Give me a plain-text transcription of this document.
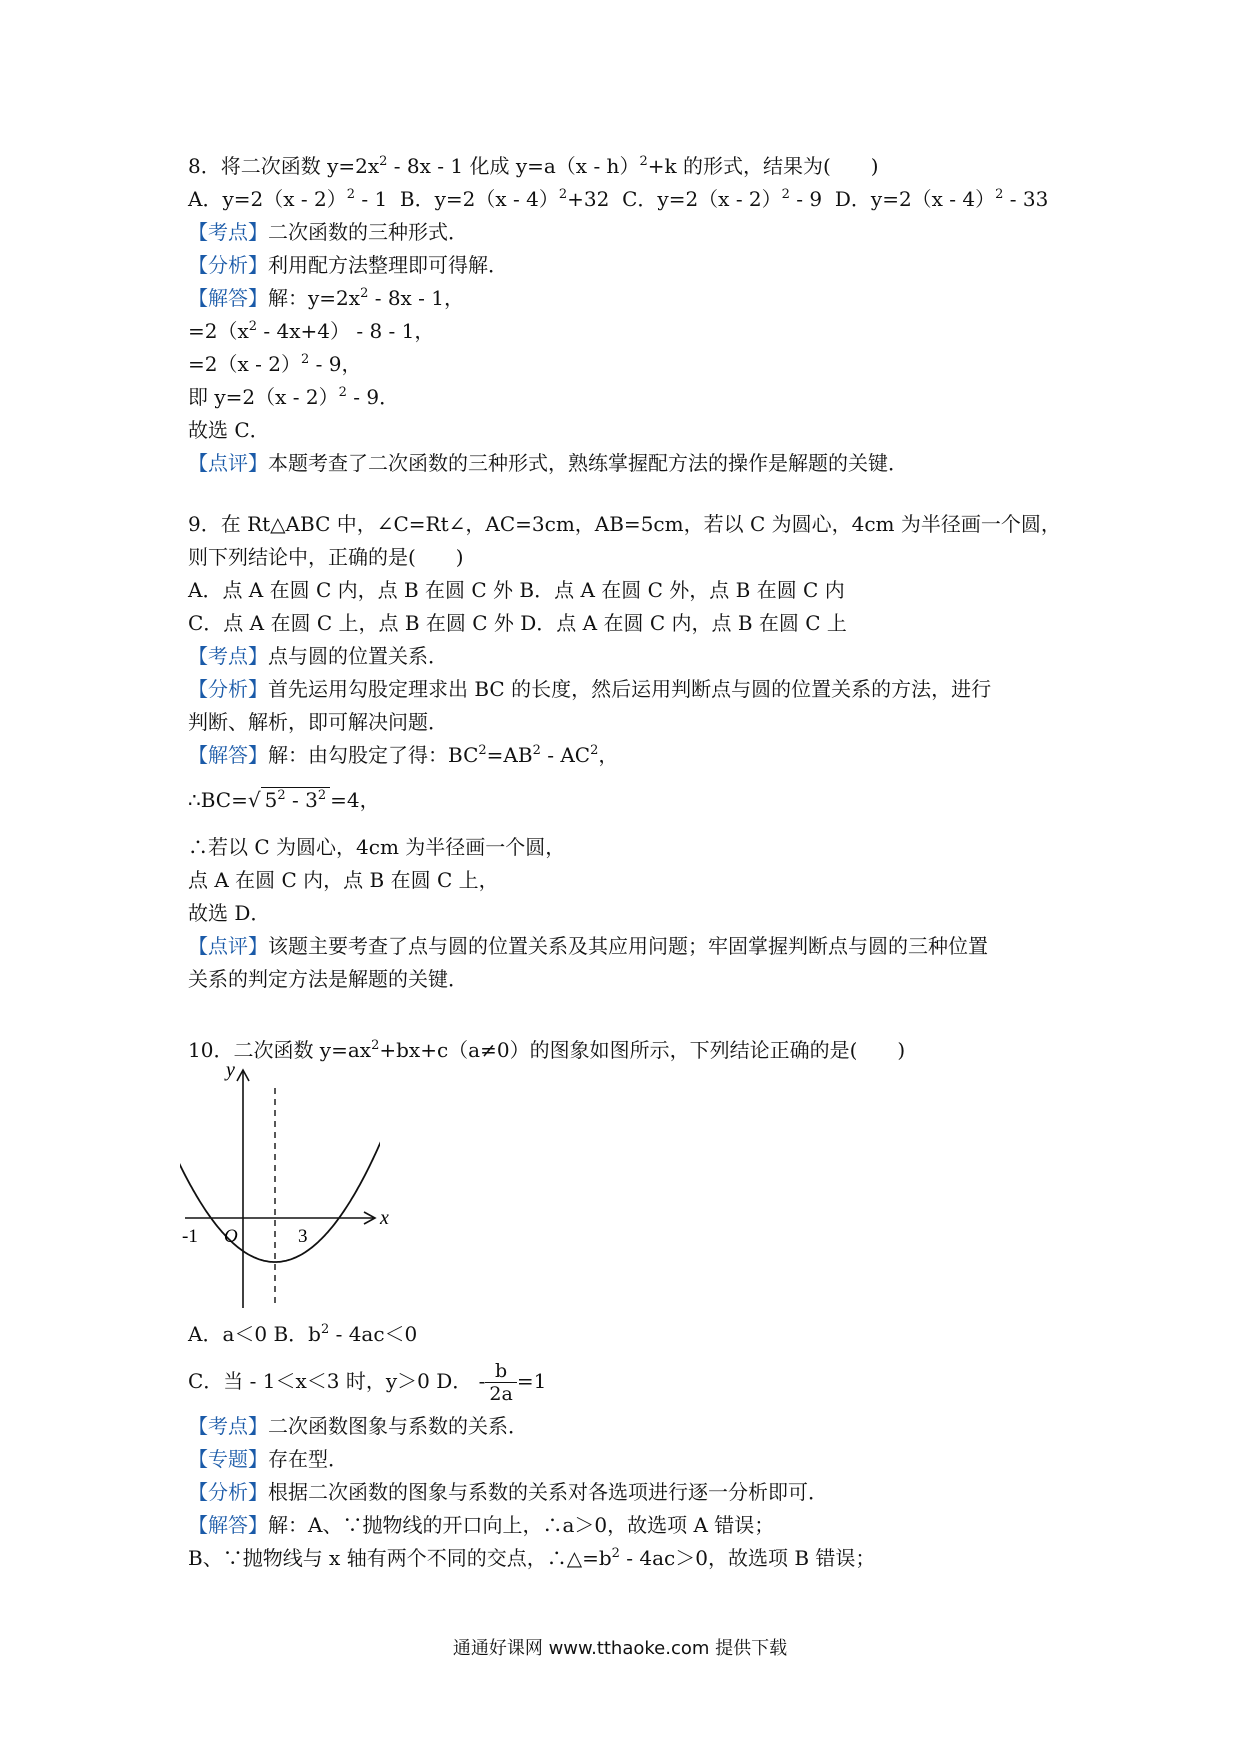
8．将二次函数 $y=2x^2 - 8x - 1$ 化成 y=a（x - h）$^2$+k 的形式，结果为(　　)
A．y=2（x - 2）$^2$ - 1 B．y=2（x - 4）$^2$+32 C．y=2（x - 2）$^2$ - 9 D．y=2（x - 4）$^2$ - 33
【考点】二次函数的三种形式．
【分析】利用配方法整理即可得解．
【解答】解：$y=2x^2 - 8x - 1$，
$=2(x^2 - 4x+4) - 8 - 1$，
=2（x - 2）$^2$ - 9，
即 y=2（x - 2）$^2$ - 9．
故选 C．
【点评】本题考查了二次函数的三种形式，熟练掌握配方法的操作是解题的关键．
9．在 Rt△ABC 中，∠C=Rt∠，AC=3cm，AB=5cm，若以 C 为圆心，4cm 为半径画一个圆，
则下列结论中，正确的是(　　)
A．点 A 在圆 C 内，点 B 在圆 C 外 B．点 A 在圆 C 外，点 B 在圆 C 内
C．点 A 在圆 C 上，点 B 在圆 C 外 D．点 A 在圆 C 内，点 B 在圆 C 上
【考点】点与圆的位置关系．
【分析】首先运用勾股定理求出 BC 的长度，然后运用判断点与圆的位置关系的方法，进行
判断、解析，即可解决问题．
【解答】解：由勾股定了得：$BC^2=AB^2 - AC^2$，
∴BC=√ $5^2 - 3^2 =4$，
∴若以 C 为圆心，4cm 为半径画一个圆，
点 A 在圆 C 内，点 B 在圆 C 上，
故选 D．
【点评】该题主要考查了点与圆的位置关系及其应用问题；牢固掌握判断点与圆的三种位置
关系的判定方法是解题的关键．
10．二次函数 $y=ax^2+bx+c(a\ne 0)$的图象如图所示，下列结论正确的是(　　)
y
x
O
-1	3
A．a＜0 B．$b^2 - 4ac<0$
C．当 - 1＜x＜3 时，y＞0 D． - $\frac{b}{2a} =1$
【考点】二次函数图象与系数的关系．
【专题】存在型．
【分析】根据二次函数的图象与系数的关系对各选项进行逐一分析即可．
【解答】解：A、∵抛物线的开口向上，∴a＞0，故选项 A 错误；
B、∵抛物线与 x 轴有两个不同的交点，$\therefore\triangle=b^2 - 4ac>0$，故选项 B 错误；
通通好课网 www.tthaoke.com 提供下载
